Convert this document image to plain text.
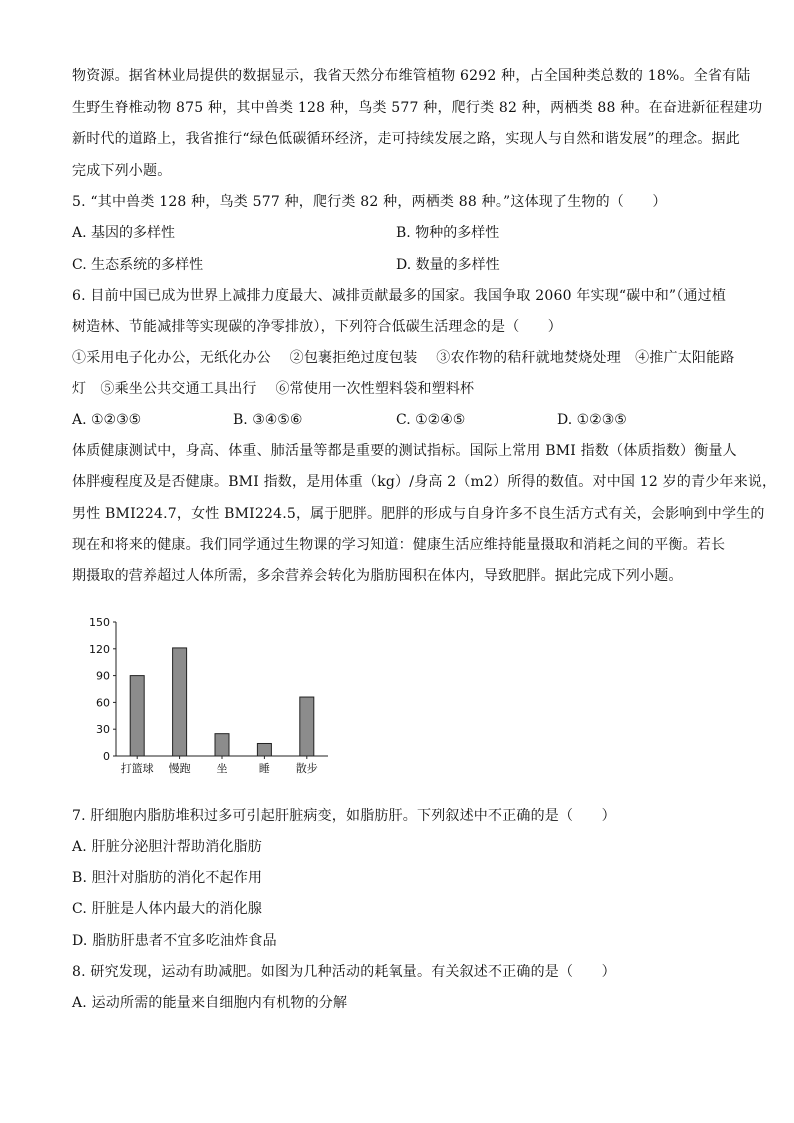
物资源。据省林业局提供的数据显示，我省天然分布维管植物 6292 种，占全国种类总数的 18%。全省有陆
生野生脊椎动物 875 种，其中兽类 128 种，鸟类 577 种，爬行类 82 种，两栖类 88 种。在奋进新征程建功
新时代的道路上，我省推行“绿色低碳循环经济，走可持续发展之路，实现人与自然和谐发展”的理念。据此
完成下列小题。
5. “其中兽类 128 种，鸟类 577 种，爬行类 82 种，两栖类 88 种。”这体现了生物的（　　）
A. 基因的多样性	B. 物种的多样性
C. 生态系统的多样性	D. 数量的多样性
6. 目前中国已成为世界上减排力度最大、减排贡献最多的国家。我国争取 2060 年实现“碳中和”（通过植
树造林、节能减排等实现碳的净零排放），下列符合低碳生活理念的是（　　）
①采用电子化办公，无纸化办公　 ②包裹拒绝过度包装　 ③农作物的秸秆就地焚烧处理　④推广太阳能路
灯　⑤乘坐公共交通工具出行　 ⑥常使用一次性塑料袋和塑料杯
A. ①②③⑤	B. ③④⑤⑥	C. ①②④⑤	D. ①②③⑤
体质健康测试中，身高、体重、肺活量等都是重要的测试指标。国际上常用 BMI 指数（体质指数）衡量人
体胖瘦程度及是否健康。BMI 指数，是用体重（kg）/身高 2（m2）所得的数值。对中国 12 岁的青少年来说，
男性 BMI224.7，女性 BMI224.5，属于肥胖。肥胖的形成与自身许多不良生活方式有关，会影响到中学生的
现在和将来的健康。我们同学通过生物课的学习知道：健康生活应维持能量摄取和消耗之间的平衡。若长
期摄取的营养超过人体所需，多余营养会转化为脂肪囤积在体内，导致肥胖。据此完成下列小题。
150
120
90
60
30
0
打篮球 慢跑 坐	睡 散步
7. 肝细胞内脂肪堆积过多可引起肝脏病变，如脂肪肝。下列叙述中不正确的是（　　）
A. 肝脏分泌胆汁帮助消化脂肪
B. 胆汁对脂肪的消化不起作用
C. 肝脏是人体内最大的消化腺
D. 脂肪肝患者不宜多吃油炸食品
8. 研究发现，运动有助减肥。如图为几种活动的耗氧量。有关叙述不正确的是（　　）
A. 运动所需的能量来自细胞内有机物的分解
